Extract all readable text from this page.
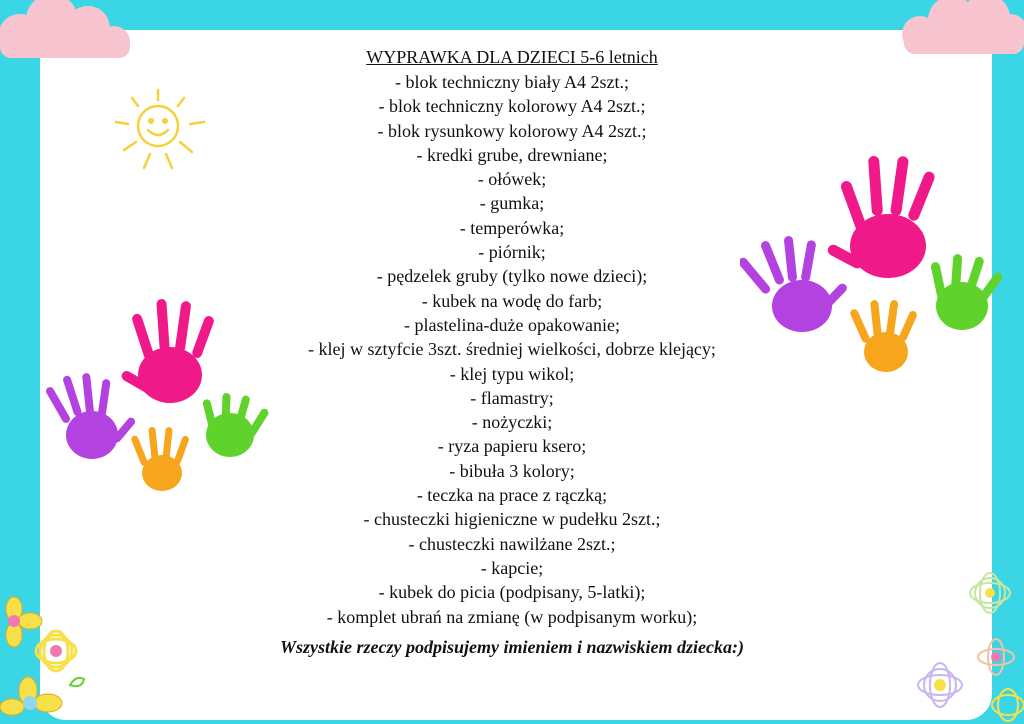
WYPRAWKA DLA DZIECI 5-6 letnich
- blok techniczny biały A4 2szt.;
- blok techniczny kolorowy A4 2szt.;
- blok rysunkowy kolorowy A4 2szt.;
- kredki grube, drewniane;
- ołówek;
- gumka;
- temperówka;
- piórnik;
- pędzelek gruby (tylko nowe dzieci);
- kubek na wodę do farb;
- plastelina-duże opakowanie;
- klej w sztyfcie 3szt. średniej wielkości, dobrze klejący;
- klej typu wikol;
- flamastry;
- nożyczki;
- ryza papieru ksero;
- bibuła 3 kolory;
- teczka na prace z rączką;
- chusteczki higieniczne w pudełku 2szt.;
- chusteczki nawilżane 2szt.;
- kapcie;
- kubek do picia (podpisany, 5-latki);
- komplet ubrań na zmianę (w podpisanym worku);
Wszystkie rzeczy podpisujemy imieniem i nazwiskiem dziecka:)
